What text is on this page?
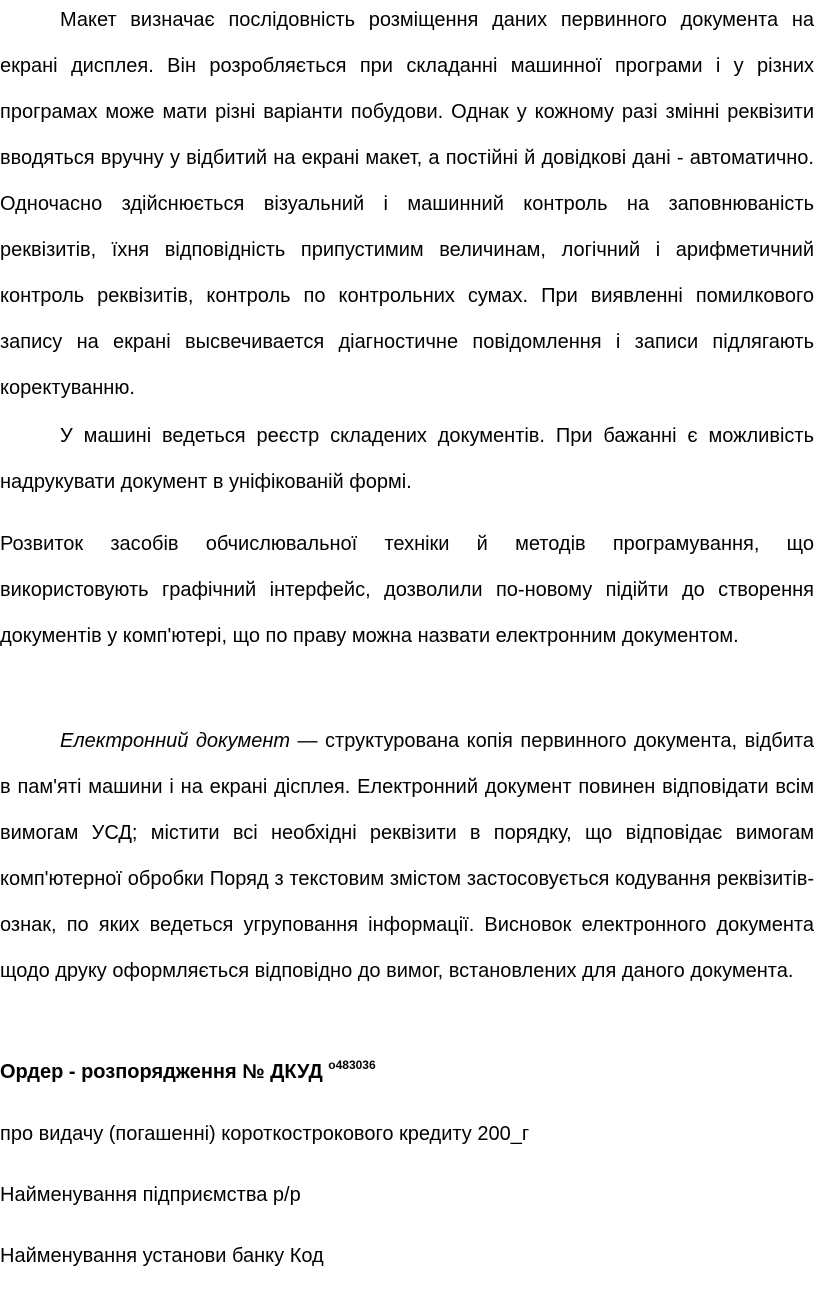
Макет визначає послідовність розміщення даних первинного документа на екрані дисплея. Він розробляється при складанні машинної програми і у різних програмах може мати різні варіанти побудови. Однак у кожному разі змінні реквізити вводяться вручну у відбитий на екрані макет, а постійні й довідкові дані - автоматично. Одночасно здійснюється візуальний і машинний контроль на заповнюваність реквізитів, їхня відповідність припустимим величинам, логічний і арифметичний контроль реквізитів, контроль по контрольних сумах. При виявленні помилкового запису на екрані высвечивается діагностичне повідомлення і записи підлягають коректуванню.

У машині ведеться реєстр складених документів. При бажанні є можливість надрукувати документ в уніфікованій формі.

Розвиток засобів обчислювальної техніки й методів програмування, що використовують графічний інтерфейс, дозволили по-новому підійти до створення документів у комп'ютері, що по праву можна назвати електронним документом.

Електронний документ — структурована копія первинного документа, відбита в пам'яті машини і на екрані дісплея. Електронний документ повинен відповідати всім вимогам УСД; містити всі необхідні реквізити в порядку, що відповідає вимогам комп'ютерної обробки Поряд з текстовим змістом застосовується кодування реквізитів- ознак, по яких ведеться угруповання інформації. Висновок електронного документа щодо друку оформляється відповідно до вимог, встановлених для даного документа.

Ордер - розпорядження № ДКУД $^{о483036}$

про видачу (погашенні) короткострокового кредиту 200_г

Найменування підприємства р/р

Найменування установи банку Код
